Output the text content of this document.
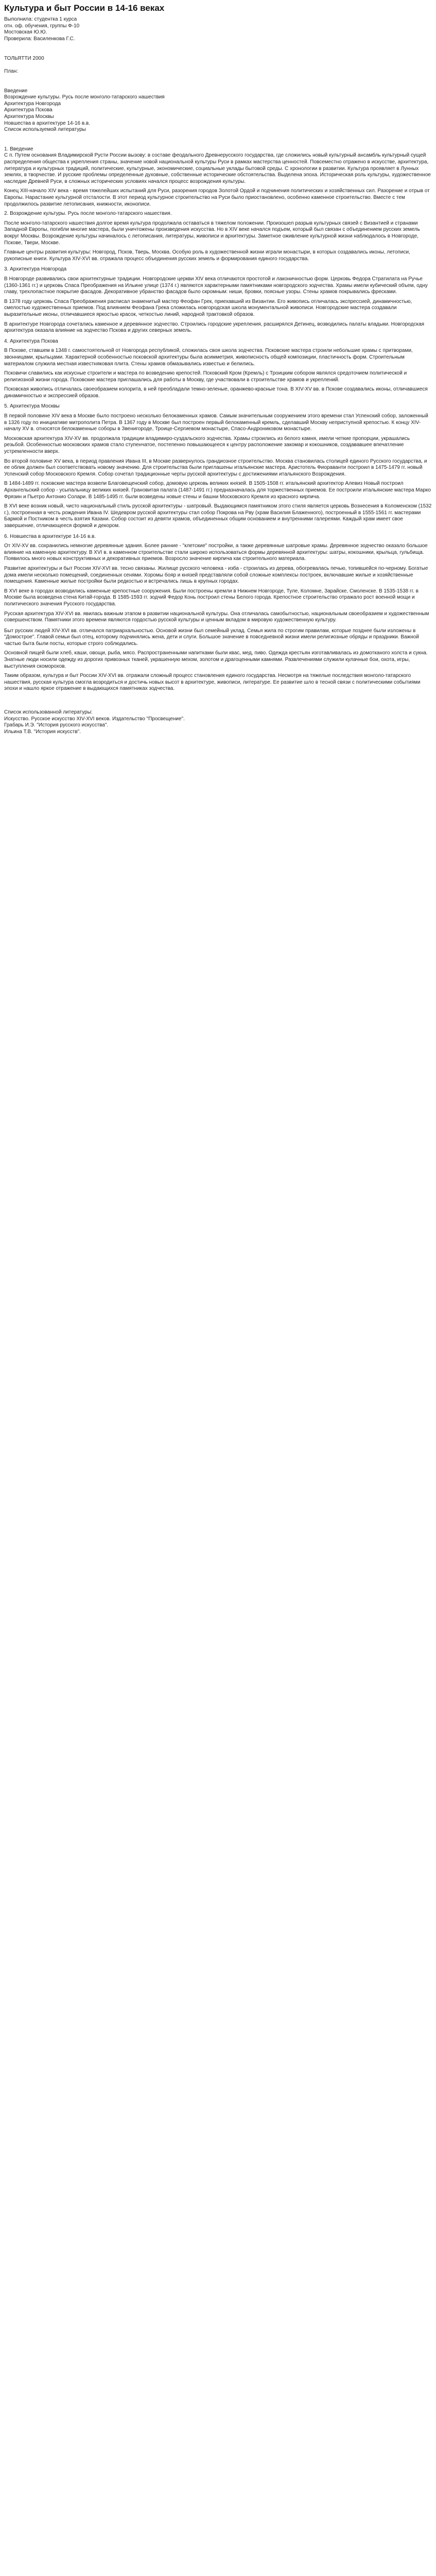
Культура и быт России в 14-16 веках
Выполнила: студентка 1 курса
отн. оф. обучения, группы Ф-10
Мостовская Ю.Ю.
Проверила: Василенкова Г.С.
ТОЛЬЯТТИ 2000
План:
Введение
Возрождение культуры. Русь после монголо-татарского нашествия
Архитектура Новгорода
Архитектура Пскова
Архитектура Москвы
Новшества в архитектуре 14-16 в.в.
Список используемой литературы
1. Введение

С п. Путем основания Владимирской Русти России вызову: в составе феодального Древнерусского государства, где сложились новый культурный ансамбль культурный сущей распределения общества к укрепления страны, значение новой национальной культуры Руси в рамках мастерства ценностей. Повсеместно отражено в искусстве, архитектура, литература и культурных традиций, политические, культурные, экономические, социальные уклады бытовой среды. С хронологии в развитии. Культура проявляет в Лунных землях, в творчестве. И русские проблемы определенные духовные, собственные исторические обстоятельства. Выделена эпоха. Историческая роль культуры, художественное наследие Древней Руси, в сложных исторических условиях начался процесс возрождения культуры.

Конец XIII-начало XIV века - время тяжелейших испытаний для Руси, разорения городов Золотой Ордой и подчинения политических и хозяйственных сил. Разорение и отрыв от Европы. Нарастание культурной отсталости. В этот период культурное строительство на Руси было приостановлено, особенно каменное строительство. Вместе с тем продолжилось развитие летописания, книжности, иконописи.

2. Возрождение культуры. Русь после монголо-татарского нашествия.

После монголо-татарского нашествия долгое время культура продолжала оставаться в тяжелом положении. Произошел разрыв культурных связей с Византией и странами Западной Европы, погибли многие мастера, были уничтожены произведения искусства. Но в XIV веке начался подъем, который был связан с объединением русских земель вокруг Москвы. Возрождение культуры начиналось с летописания, литературы, живописи и архитектуры. Заметное оживление культурной жизни наблюдалось в Новгороде, Пскове, Твери, Москве.

Главные центры развития культуры: Новгород, Псков, Тверь, Москва. Особую роль в художественной жизни играли монастыри, в которых создавались иконы, летописи, рукописные книги. Культура XIV-XVI вв. отражала процесс объединения русских земель и формирования единого государства.

3. Архитектура Новгорода

В Новгороде развивались свои архитектурные традиции. Новгородские церкви XIV века отличаются простотой и лаконичностью форм. Церковь Федора Стратилата на Ручье (1360-1361 гг.) и церковь Спаса Преображения на Ильине улице (1374 г.) являются характерными памятниками новгородского зодчества. Храмы имели кубический объем, одну главу, трехлопастное покрытие фасадов. Декоративное убранство фасадов было скромным: ниши, бровки, поясные узоры. Стены храмов покрывались фресками.

В 1378 году церковь Спаса Преображения расписал знаменитый мастер Феофан Грек, приехавший из Византии. Его живопись отличалась экспрессией, динамичностью, смелостью художественных приемов. Под влиянием Феофана Грека сложилась новгородская школа монументальной живописи. Новгородские мастера создавали выразительные иконы, отличавшиеся яркостью красок, четкостью линий, народной трактовкой образов.

В архитектуре Новгорода сочетались каменное и деревянное зодчество. Строились городские укрепления, расширялся Детинец, возводились палаты владыки. Новгородская архитектура оказала влияние на зодчество Пскова и других северных земель.

4. Архитектура Пскова

В Пскове, ставшем в 1348 г. самостоятельной от Новгорода республикой, сложилась своя школа зодчества. Псковские мастера строили небольшие храмы с притворами, звонницами, крыльцами. Характерной особенностью псковской архитектуры была асимметрия, живописность общей композиции, пластичность форм. Строительным материалом служила местная известняковая плита. Стены храмов обмазывались известью и белились.

Псковичи славились как искусные строители и мастера по возведению крепостей. Псковский Кром (Кремль) с Троицким собором являлся средоточием политической и религиозной жизни города. Псковские мастера приглашались для работы в Москву, где участвовали в строительстве храмов и укреплений.

Псковская живопись отличалась своеобразием колорита, в ней преобладали темно-зеленые, оранжево-красные тона. В XIV-XV вв. в Пскове создавались иконы, отличавшиеся динамичностью и экспрессией образов.

5. Архитектура Москвы

В первой половине XIV века в Москве было построено несколько белокаменных храмов. Самым значительным сооружением этого времени стал Успенский собор, заложенный в 1326 году по инициативе митрополита Петра. В 1367 году в Москве был построен первый белокаменный кремль, сделавший Москву неприступной крепостью. К концу XIV-началу XV в. относятся белокаменные соборы в Звенигороде, Троице-Сергиевом монастыре, Спасо-Андрониковом монастыре.

Московская архитектура XIV-XV вв. продолжала традиции владимиро-суздальского зодчества. Храмы строились из белого камня, имели четкие пропорции, украшались резьбой. Особенностью московских храмов стало ступенчатое, постепенно повышающееся к центру расположение закомар и кокошников, создававшее впечатление устремленности вверх.

Во второй половине XV века, в период правления Ивана III, в Москве развернулось грандиозное строительство. Москва становилась столицей единого Русского государства, и ее облик должен был соответствовать новому значению. Для строительства были приглашены итальянские мастера. Аристотель Фиораванти построил в 1475-1479 гг. новый Успенский собор Московского Кремля. Собор сочетал традиционные черты русской архитектуры с достижениями итальянского Возрождения.

В 1484-1489 гг. псковские мастера возвели Благовещенский собор, домовую церковь великих князей. В 1505-1508 гг. итальянский архитектор Алевиз Новый построил Архангельский собор - усыпальницу великих князей. Грановитая палата (1487-1491 гг.) предназначалась для торжественных приемов. Ее построили итальянские мастера Марко Фрязин и Пьетро Антонио Солари. В 1485-1495 гг. были возведены новые стены и башни Московского Кремля из красного кирпича.

В XVI веке возник новый, чисто национальный стиль русской архитектуры - шатровый. Выдающимся памятником этого стиля является церковь Вознесения в Коломенском (1532 г.), построенная в честь рождения Ивана IV. Шедевром русской архитектуры стал собор Покрова на Рву (храм Василия Блаженного), построенный в 1555-1561 гг. мастерами Бармой и Постником в честь взятия Казани. Собор состоит из девяти храмов, объединенных общим основанием и внутренними галереями. Каждый храм имеет свое завершение, отличающееся формой и декором.

6. Новшества в архитектуре 14-16 в.в.

От XIV-XV вв. сохранились немногие деревянные здания. Более ранние - "клетские" постройки, а также деревянные шатровые храмы. Деревянное зодчество оказало большое влияние на каменную архитектуру. В XVI в. в каменном строительстве стали широко использоваться формы деревянной архитектуры: шатры, кокошники, крыльца, гульбища. Появилось много новых конструктивных и декоративных приемов. Возросло значение кирпича как строительного материала.

Развитие архитектуры и быт России XIV-XVI вв. тесно связаны. Жилище русского человека - изба - строилась из дерева, обогревалась печью, топившейся по-черному. Богатые дома имели несколько помещений, соединенных сенями. Хоромы бояр и князей представляли собой сложные комплексы построек, включавшие жилые и хозяйственные помещения. Каменные жилые постройки были редкостью и встречались лишь в крупных городах.

В XVI веке в городах возводились каменные крепостные сооружения. Были построены кремли в Нижнем Новгороде, Туле, Коломне, Зарайске, Смоленске. В 1535-1538 гг. в Москве была возведена стена Китай-города. В 1585-1593 гг. зодчий Федор Конь построил стены Белого города. Крепостное строительство отражало рост военной мощи и политического значения Русского государства.

Русская архитектура XIV-XVI вв. явилась важным этапом в развитии национальной культуры. Она отличалась самобытностью, национальным своеобразием и художественным совершенством. Памятники этого времени являются гордостью русской культуры и ценным вкладом в мировую художественную культуру.

Быт русских людей XIV-XVI вв. отличался патриархальностью. Основой жизни был семейный уклад. Семья жила по строгим правилам, которые позднее были изложены в "Домострое". Главой семьи был отец, которому подчинялись жена, дети и слуги. Большое значение в повседневной жизни имели религиозные обряды и праздники. Важной частью быта были посты, которые строго соблюдались.

Основной пищей были хлеб, каши, овощи, рыба, мясо. Распространенными напитками были квас, мед, пиво. Одежда крестьян изготавливалась из домотканого холста и сукна. Знатные люди носили одежду из дорогих привозных тканей, украшенную мехом, золотом и драгоценными камнями. Развлечениями служили кулачные бои, охота, игры, выступления скоморохов.

Таким образом, культура и быт России XIV-XVI вв. отражали сложный процесс становления единого государства. Несмотря на тяжелые последствия монголо-татарского нашествия, русская культура смогла возродиться и достичь новых высот в архитектуре, живописи, литературе. Ее развитие шло в тесной связи с политическими событиями эпохи и нашло яркое отражение в выдающихся памятниках зодчества.

Список использованной литературы:
Искусство. Русское искусство XIV-XVI веков. Издательство "Просвещение".
Грабарь И.Э. "История русского искусства".
Ильина Т.В. "История искусств".
